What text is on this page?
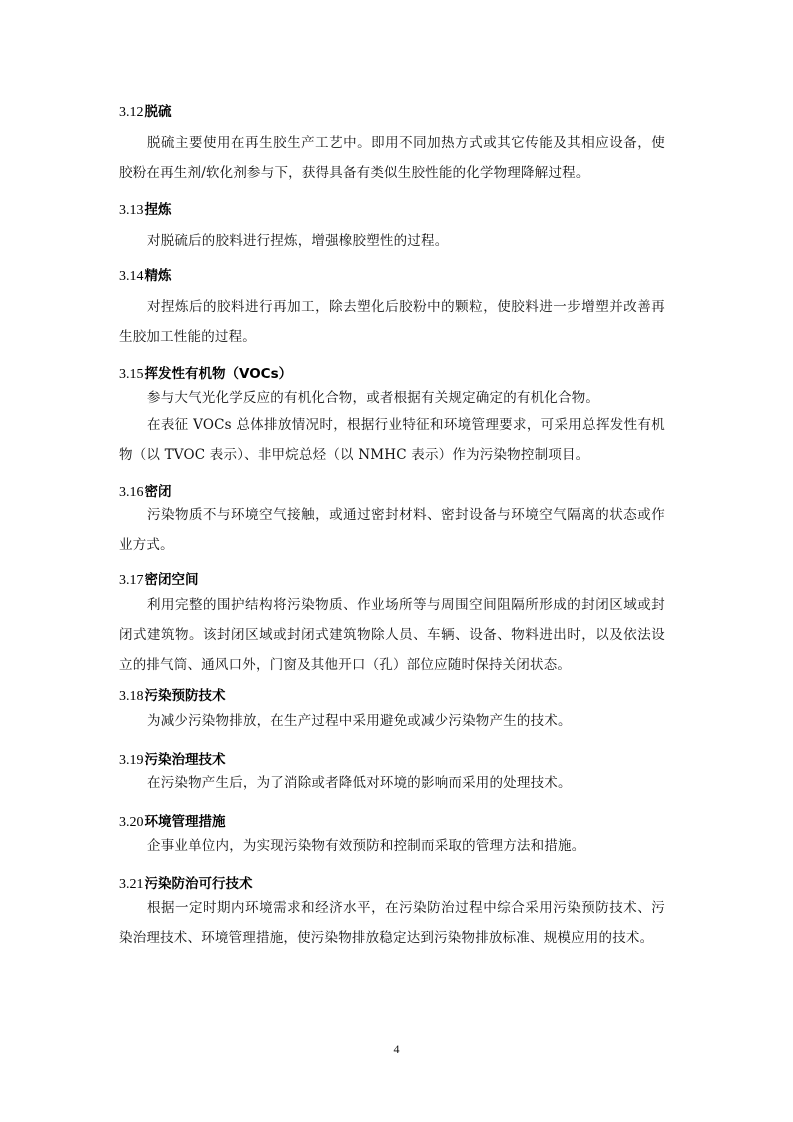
3.12脱硫
脱硫主要使用在再生胶生产工艺中。即用不同加热方式或其它传能及其相应设备，使胶粉在再生剂/软化剂参与下，获得具备有类似生胶性能的化学物理降解过程。
3.13捏炼
对脱硫后的胶料进行捏炼，增强橡胶塑性的过程。
3.14精炼
对捏炼后的胶料进行再加工，除去塑化后胶粉中的颗粒，使胶料进一步增塑并改善再生胶加工性能的过程。
3.15挥发性有机物（VOCs）
参与大气光化学反应的有机化合物，或者根据有关规定确定的有机化合物。
在表征 VOCs 总体排放情况时，根据行业特征和环境管理要求，可采用总挥发性有机物（以 TVOC 表示）、非甲烷总烃（以 NMHC 表示）作为污染物控制项目。
3.16密闭
污染物质不与环境空气接触，或通过密封材料、密封设备与环境空气隔离的状态或作业方式。
3.17密闭空间
利用完整的围护结构将污染物质、作业场所等与周围空间阻隔所形成的封闭区域或封闭式建筑物。该封闭区域或封闭式建筑物除人员、车辆、设备、物料进出时，以及依法设立的排气筒、通风口外，门窗及其他开口（孔）部位应随时保持关闭状态。
3.18污染预防技术
为减少污染物排放，在生产过程中采用避免或减少污染物产生的技术。
3.19污染治理技术
在污染物产生后，为了消除或者降低对环境的影响而采用的处理技术。
3.20环境管理措施
企事业单位内，为实现污染物有效预防和控制而采取的管理方法和措施。
3.21污染防治可行技术
根据一定时期内环境需求和经济水平，在污染防治过程中综合采用污染预防技术、污染治理技术、环境管理措施，使污染物排放稳定达到污染物排放标准、规模应用的技术。
4
